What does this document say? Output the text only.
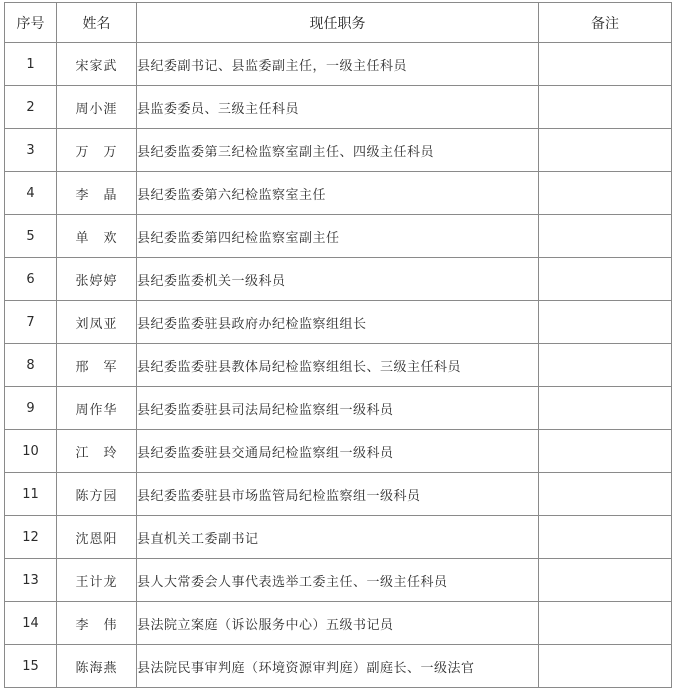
序号	姓名	现任职务	备注
1	宋家武	县纪委副书记、县监委副主任，一级主任科员	
2	周小涯	县监委委员、三级主任科员	
3	万　万	县纪委监委第三纪检监察室副主任、四级主任科员	
4	李　晶	县纪委监委第六纪检监察室主任	
5	单　欢	县纪委监委第四纪检监察室副主任	
6	张婷婷	县纪委监委机关一级科员	
7	刘凤亚	县纪委监委驻县政府办纪检监察组组长	
8	邢　军	县纪委监委驻县教体局纪检监察组组长、三级主任科员	
9	周作华	县纪委监委驻县司法局纪检监察组一级科员	
10	江　玲	县纪委监委驻县交通局纪检监察组一级科员	
11	陈方园	县纪委监委驻县市场监管局纪检监察组一级科员	
12	沈恩阳	县直机关工委副书记	
13	王计龙	县人大常委会人事代表选举工委主任、一级主任科员	
14	李　伟	县法院立案庭（诉讼服务中心）五级书记员	
15	陈海燕	县法院民事审判庭（环境资源审判庭）副庭长、一级法官	
